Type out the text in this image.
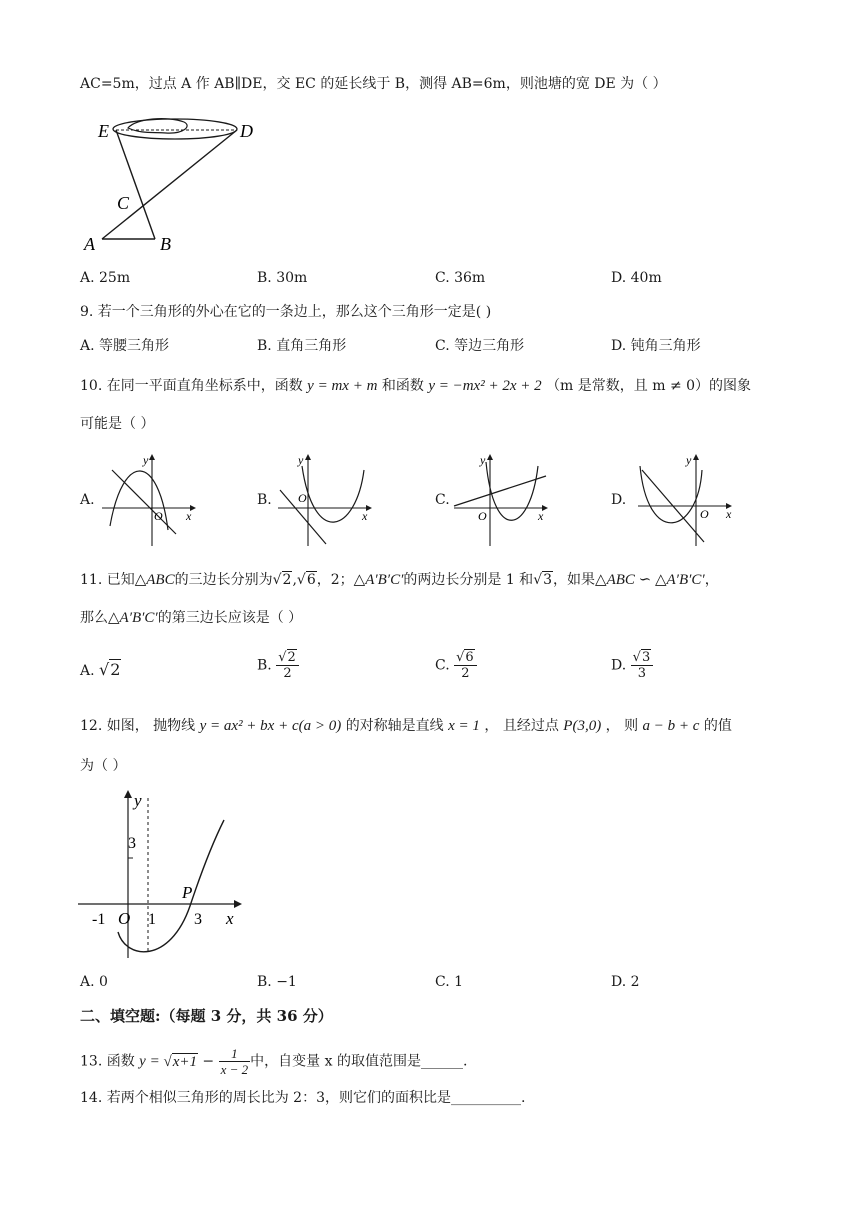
AC=5m，过点 A 作 AB∥DE，交 EC 的延长线于 B，测得 AB=6m，则池塘的宽 DE 为（ ）
E	D
C
A	B
A. 25m	B. 30m	C. 36m	D. 40m
9. 若一个三角形的外心在它的一条边上，那么这个三角形一定是( )
A. 等腰三角形	B. 直角三角形	C. 等边三角形	D. 钝角三角形
10. 在同一平面直角坐标系中，函数 y = mx + m 和函数 y = −mx² + 2x + 2 （m 是常数，且 m ≠ 0）的图象
可能是（ ）
A.
y
O x
B.
y
O
x
C.
y
O	x
D.
y
O x
11. 已知△ABC的三边长分别为√2,√6，2；△A′B′C′的两边长分别是 1 和√3，如果△ABC ∽ △A′B′C′，
那么△A′B′C′的第三边长应该是（ ）
A. √2	B. $\frac{√2}{2}$	C. $\frac{√6}{2}$	D. $\frac{√3}{3}$
12. 如图， 抛物线 y = ax² + bx + c(a > 0) 的对称轴是直线 x = 1 ， 且经过点 P(3,0) ， 则 a − b + c 的值
为（ ）
y
3
-1 O 1
P
3 x
A. 0	B. −1	C. 1	D. 2
二、填空题:（每题 3 分，共 36 分）
13. 函数 $y = √x+1 - \frac{1}{x - 2}$ 中，自变量 x 的取值范围是______.
14. 若两个相似三角形的周长比为 2：3，则它们的面积比是__________.
